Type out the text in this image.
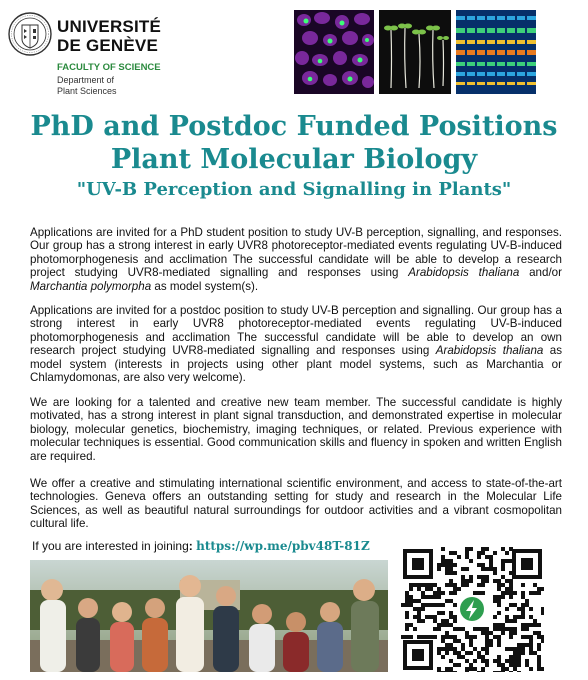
UNIVERSITÉ
DE GENÈVE
FACULTY OF SCIENCE
Department of
Plant Sciences
PhD and Postdoc Funded Positions
Plant Molecular Biology
"UV-B Perception and Signalling in Plants"
Applications are invited for a PhD student position to study UV-B perception, signalling, and responses. Our group has a strong interest in early UVR8 photoreceptor-mediated events regulating UV-B-induced photomorphogenesis and acclimation The successful candidate will be able to develop a research project studying UVR8-mediated signalling and responses using Arabidopsis thaliana and/or Marchantia polymorpha as model system(s).
Applications are invited for a postdoc position to study UV-B perception and signalling. Our group has a strong interest in early UVR8 photoreceptor-mediated events regulating UV-B-induced photomorphogenesis and acclimation The successful candidate will be able to develop an own research project studying UVR8-mediated signalling and responses using Arabidopsis thaliana as model system (interests in projects using other plant model systems, such as Marchantia or Chlamydomonas, are also very welcome).
We are looking for a talented and creative new team member. The successful candidate is highly motivated, has a strong interest in plant signal transduction, and demonstrated expertise in molecular biology, molecular genetics, biochemistry, imaging techniques, or related. Previous experience with molecular techniques is essential. Good communication skills and fluency in spoken and written English are required.
We offer a creative and stimulating international scientific environment, and access to state-of-the-art technologies. Geneva offers an outstanding setting for study and research in the Molecular Life Sciences, as well as beautiful natural surroundings for outdoor activities and a vibrant cosmopolitan cultural life.
If you are interested in joining: https://wp.me/pbv48T-81Z
